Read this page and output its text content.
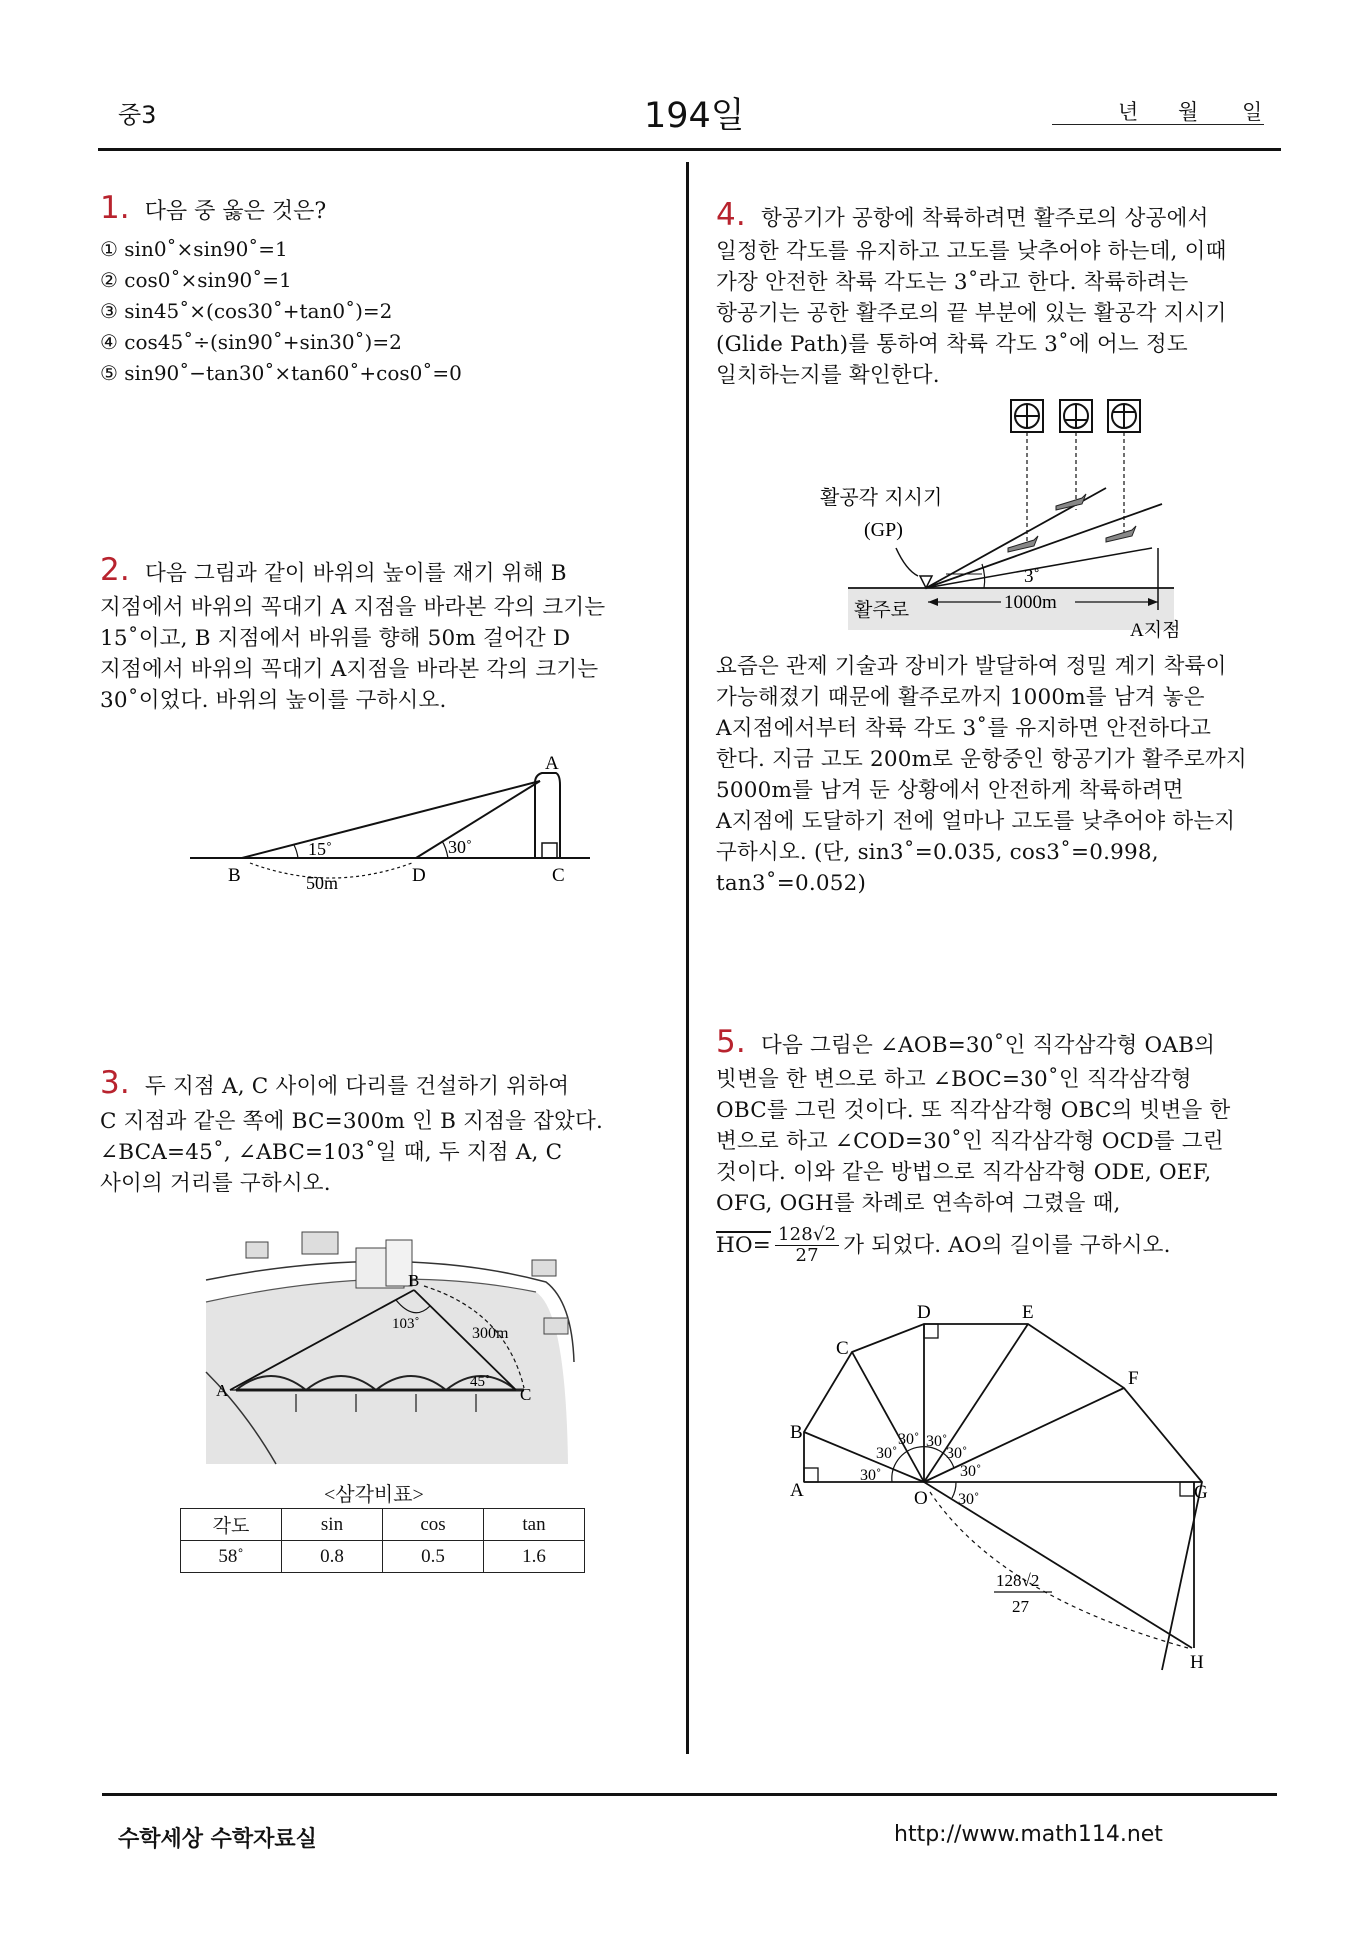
중3	194일	년 월 일
1. 다음 중 옳은 것은?
① sin0˚×sin90˚=1
② cos0˚×sin90˚=1
③ sin45˚×(cos30˚+tan0˚)=2
④ cos45˚÷(sin90˚+sin30˚)=2
⑤ sin90˚−tan30˚×tan60˚+cos0˚=0
2. 다음 그림과 같이 바위의 높이를 재기 위해 B
지점에서 바위의 꼭대기 A 지점을 바라본 각의 크기는
15˚이고, B 지점에서 바위를 향해 50m 걸어간 D
지점에서 바위의 꼭대기 A지점을 바라본 각의 크기는
30˚이었다. 바위의 높이를 구하시오.
A
B	D	C
15˚	30˚
50m
3. 두 지점 A, C 사이에 다리를 건설하기 위하여
C 지점과 같은 쪽에 BC=300m 인 B 지점을 잡았다.
∠BCA=45˚, ∠ABC=103˚일 때, 두 지점 A, C
사이의 거리를 구하시오.
A
B
C
103˚
45˚
300m
<삼각비표>
각도	sin	cos	tan
58˚	0.8	0.5	1.6
4. 항공기가 공항에 착륙하려면 활주로의 상공에서
일정한 각도를 유지하고 고도를 낮추어야 하는데, 이때
가장 안전한 착륙 각도는 3˚라고 한다. 착륙하려는
항공기는 공한 활주로의 끝 부분에 있는 활공각 지시기
(Glide Path)를 통하여 착륙 각도 3˚에 어느 정도
일치하는지를 확인한다.
활공각 지시기
(GP)
3˚
활주로	1000m
A지점
요즘은 관제 기술과 장비가 발달하여 정밀 계기 착륙이
가능해졌기 때문에 활주로까지 1000m를 남겨 놓은
A지점에서부터 착륙 각도 3˚를 유지하면 안전하다고
한다. 지금 고도 200m로 운항중인 항공기가 활주로까지
5000m를 남겨 둔 상황에서 안전하게 착륙하려면
A지점에 도달하기 전에 얼마나 고도를 낮추어야 하는지
구하시오. (단, sin3˚=0.035, cos3˚=0.998,
tan3˚=0.052)
5. 다음 그림은 ∠AOB=30˚인 직각삼각형 OAB의
빗변을 한 변으로 하고 ∠BOC=30˚인 직각삼각형
OBC를 그린 것이다. 또 직각삼각형 OBC의 빗변을 한
변으로 하고 ∠COD=30˚인 직각삼각형 OCD를 그린
것이다. 이와 같은 방법으로 직각삼각형 ODE, OEF,
OFG, OGH를 차례로 연속하여 그렸을 때,
$HO= \frac{128√2}{27}$ 가 되었다. AO의 길이를 구하시오.
A
B
C
D	E
F
G
H
O
30˚
30˚
30˚ 30˚
30˚
30˚
30˚
128√2
27
수학세상 수학자료실	http://www.math114.net
